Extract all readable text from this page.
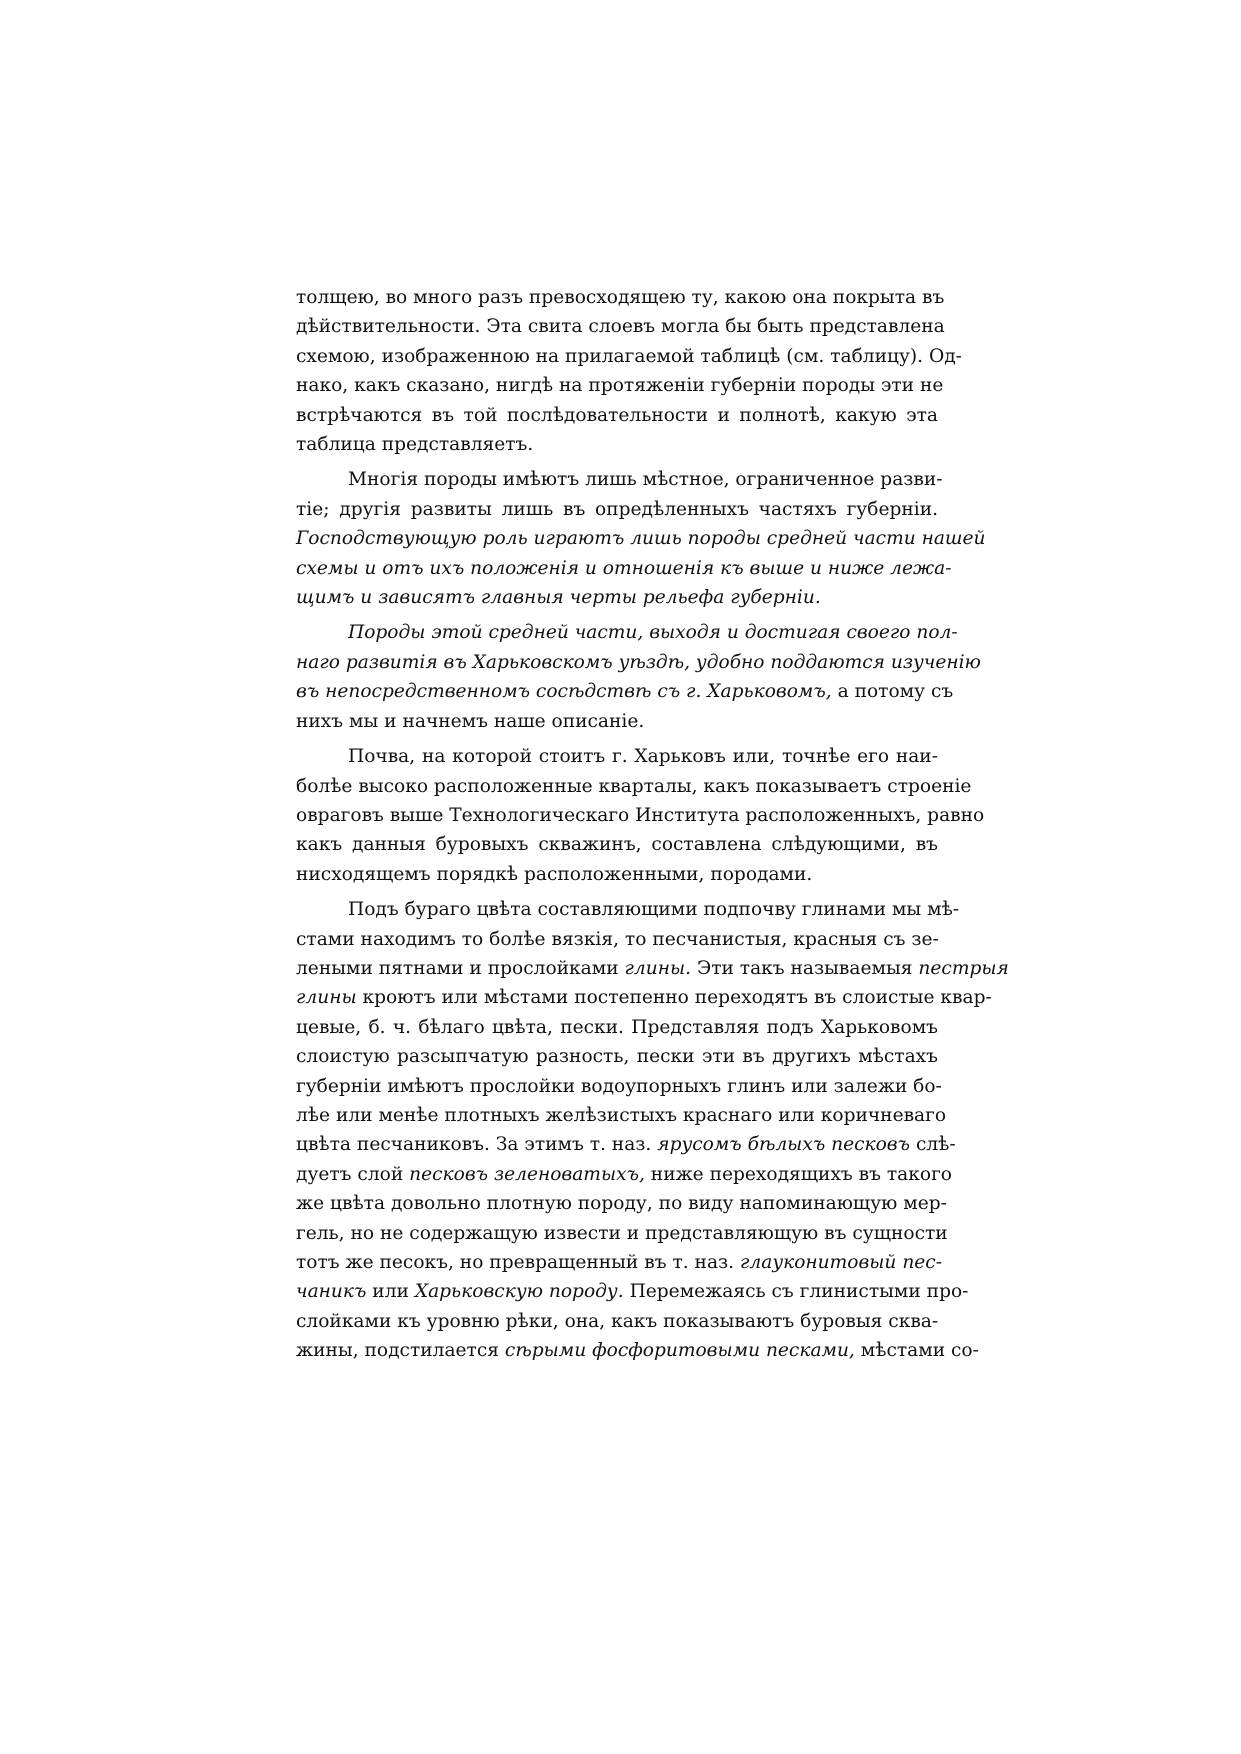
толщею, во много разъ превосходящею ту, какою она покрыта въ
дѣйствительности. Эта свита слоевъ могла бы быть представлена
схемою, изображенною на прилагаемой таблицѣ (см. таблицу). Од-
нако, какъ сказано, нигдѣ на протяженіи губерніи породы эти не
встрѣчаются въ той послѣдовательности и полнотѣ, какую эта
таблица представляетъ.
Многія породы имѣютъ лишь мѣстное, ограниченное разви-
тіе; другія развиты лишь въ опредѣленныхъ частяхъ губерніи.
Господствующую роль играютъ лишь породы средней части нашей
схемы и отъ ихъ положенія и отношенія къ выше и ниже лежа-
щимъ и зависятъ главныя черты рельефа губерніи.
Породы этой средней части, выходя и достигая своего пол-
наго развитія въ Харьковскомъ уѣздѣ, удобно поддаются изученію
въ непосредственномъ сосѣдствѣ съ г. Харьковомъ, а потому съ
нихъ мы и начнемъ наше описаніе.
Почва, на которой стоитъ г. Харьковъ или, точнѣе его наи-
болѣе высоко расположенные кварталы, какъ показываетъ строеніе
овраговъ выше Технологическаго Института расположенныхъ, равно
какъ данныя буровыхъ скважинъ, составлена слѣдующими, въ
нисходящемъ порядкѣ расположенными, породами.
Подъ бураго цвѣта составляющими подпочву глинами мы мѣ-
стами находимъ то болѣе вязкія, то песчанистыя, красныя съ зе-
леными пятнами и прослойками глины. Эти такъ называемыя пестрыя
глины кроютъ или мѣстами постепенно переходятъ въ слоистые квар-
цевые, б. ч. бѣлаго цвѣта, пески. Представляя подъ Харьковомъ
слоистую разсыпчатую разность, пески эти въ другихъ мѣстахъ
губерніи имѣютъ прослойки водоупорныхъ глинъ или залежи бо-
лѣе или менѣе плотныхъ желѣзистыхъ краснаго или коричневаго
цвѣта песчаниковъ. За этимъ т. наз. ярусомъ бѣлыхъ песковъ слѣ-
дуетъ слой песковъ зеленоватыхъ, ниже переходящихъ въ такого
же цвѣта довольно плотную породу, по виду напоминающую мер-
гель, но не содержащую извести и представляющую въ сущности
тотъ же песокъ, но превращенный въ т. наз. глауконитовый пес-
чаникъ или Харьковскую породу. Перемежаясь съ глинистыми про-
слойками къ уровню рѣки, она, какъ показываютъ буровыя сква-
жины, подстилается сѣрыми фосфоритовыми песками, мѣстами со-
